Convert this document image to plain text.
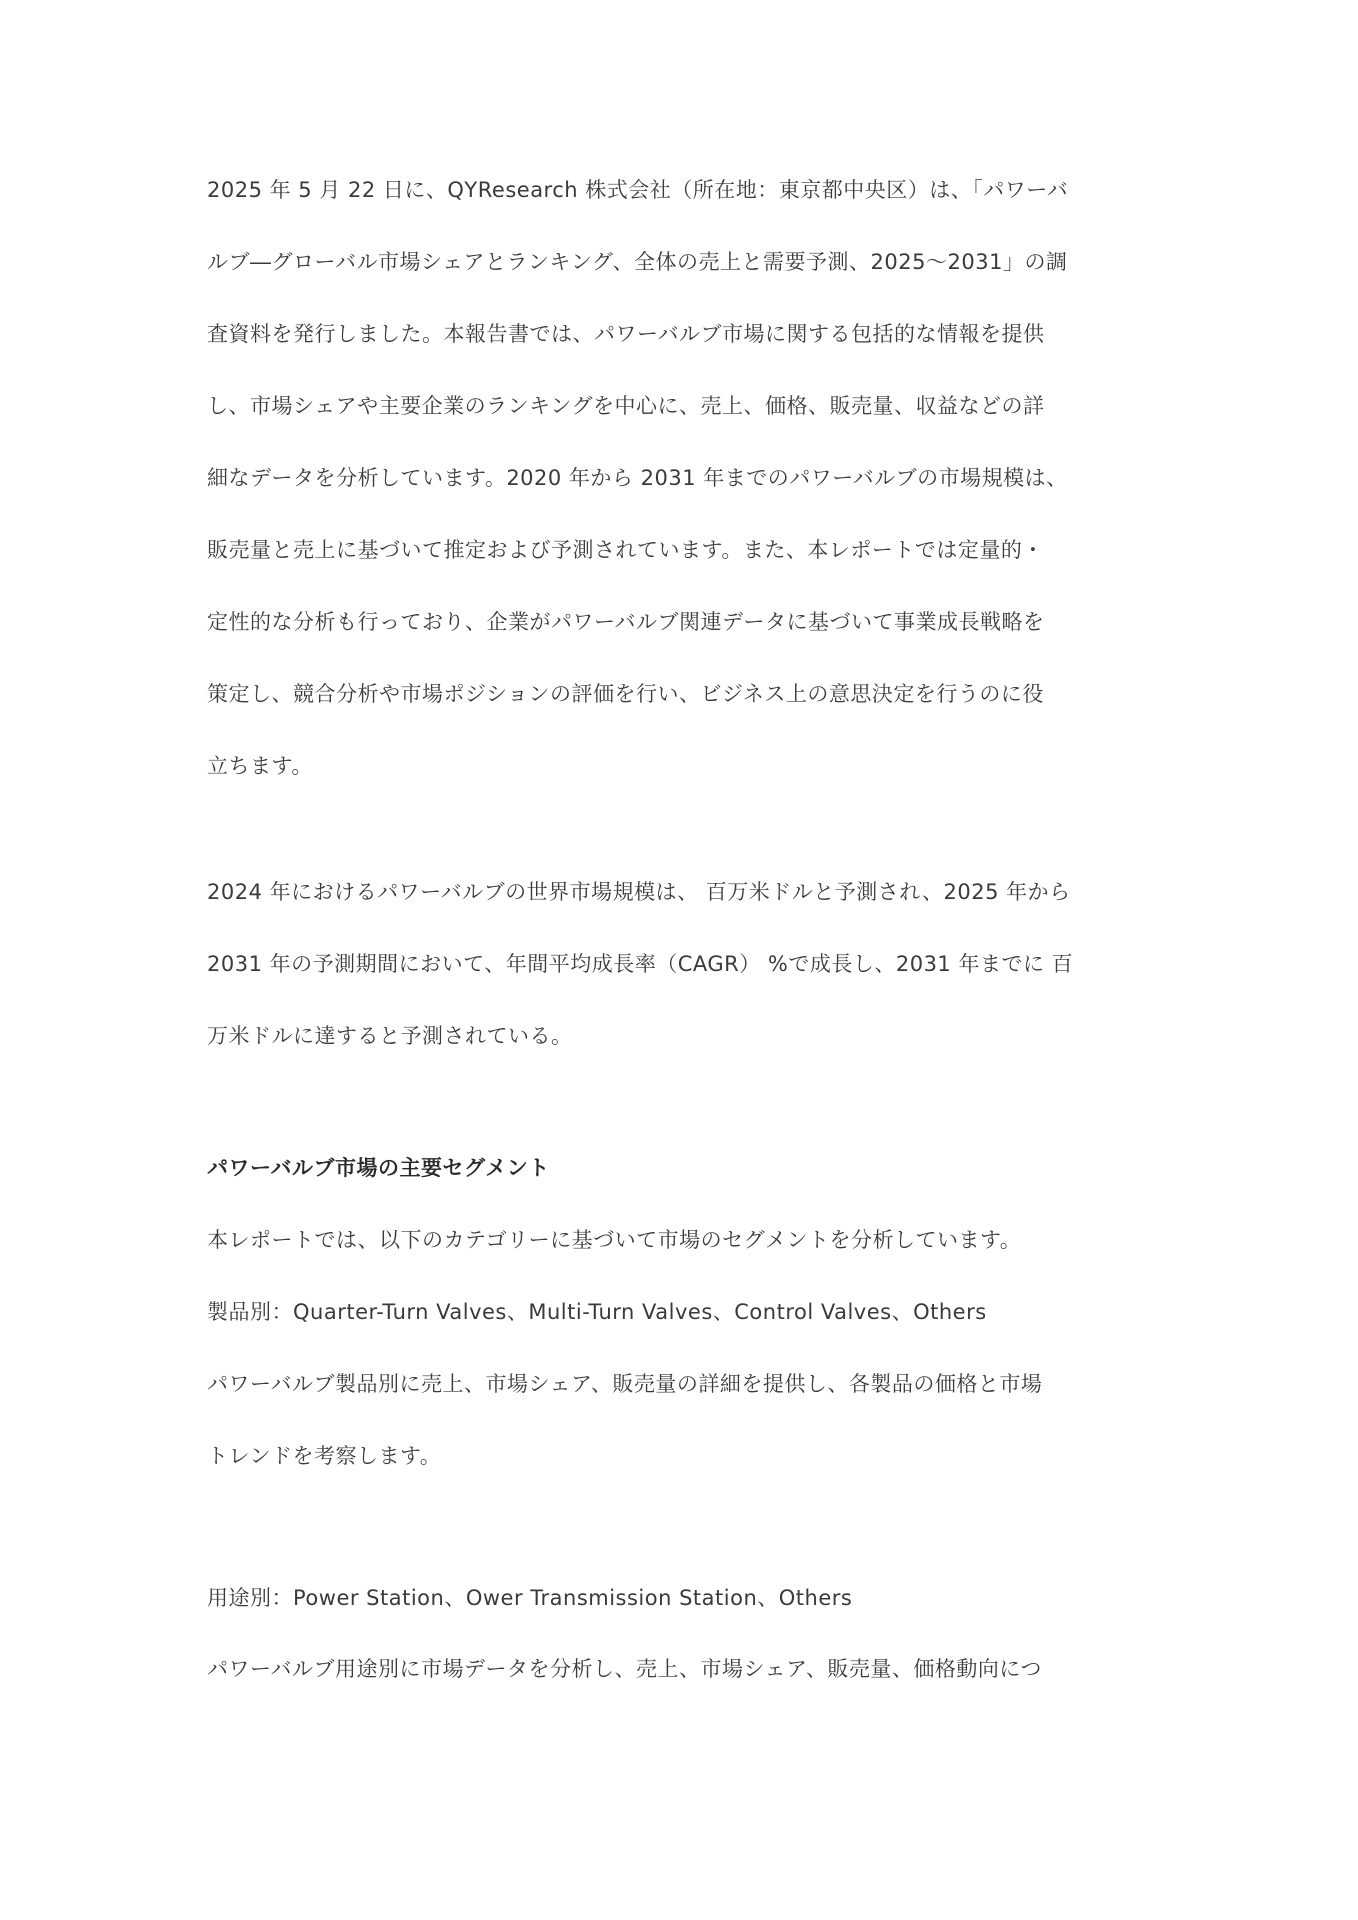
2025 年 5 月 22 日に、QYResearch 株式会社（所在地：東京都中央区）は、「パワーバ
ルブ―グローバル市場シェアとランキング、全体の売上と需要予測、2025～2031」の調
査資料を発行しました。本報告書では、パワーバルブ市場に関する包括的な情報を提供
し、市場シェアや主要企業のランキングを中心に、売上、価格、販売量、収益などの詳
細なデータを分析しています。2020 年から 2031 年までのパワーバルブの市場規模は、
販売量と売上に基づいて推定および予測されています。また、本レポートでは定量的・
定性的な分析も行っており、企業がパワーバルブ関連データに基づいて事業成長戦略を
策定し、競合分析や市場ポジションの評価を行い、ビジネス上の意思決定を行うのに役
立ちます。
2024 年におけるパワーバルブの世界市場規模は、 百万米ドルと予測され、2025 年から
2031 年の予測期間において、年間平均成長率（CAGR） %で成長し、2031 年までに 百
万米ドルに達すると予測されている。
パワーバルブ市場の主要セグメント
本レポートでは、以下のカテゴリーに基づいて市場のセグメントを分析しています。
製品別：Quarter-Turn Valves、Multi-Turn Valves、Control Valves、Others
パワーバルブ製品別に売上、市場シェア、販売量の詳細を提供し、各製品の価格と市場
トレンドを考察します。
用途別：Power Station、Ower Transmission Station、Others
パワーバルブ用途別に市場データを分析し、売上、市場シェア、販売量、価格動向につ
